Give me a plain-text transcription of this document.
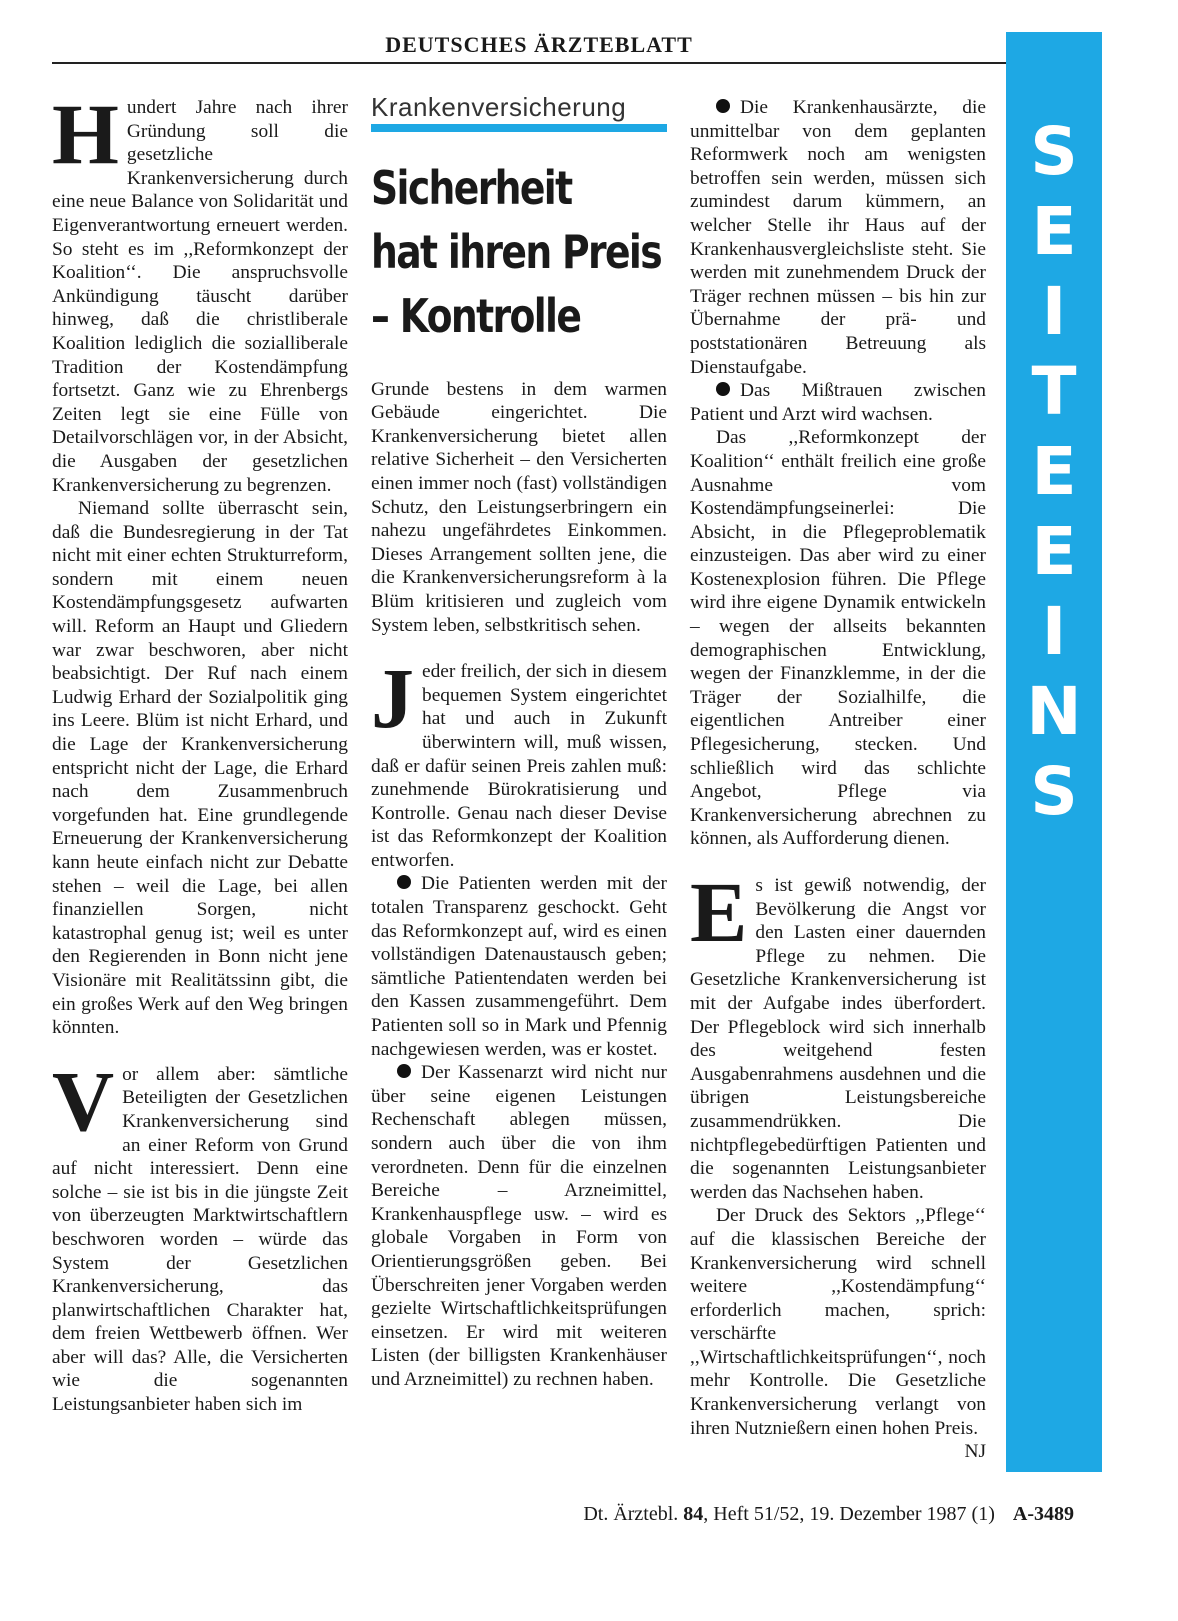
DEUTSCHES ÄRZTEBLATT

Hundert Jahre nach ihrer Gründung soll die gesetzliche Krankenversicherung durch eine neue Balance von Solidarität und Eigenverantwortung erneuert werden. So steht es im ,,Reformkonzept der Koalition‘‘. Die anspruchsvolle Ankündigung täuscht darüber hinweg, daß die christliberale Koalition lediglich die sozialliberale Tradition der Kostendämpfung fortsetzt. Ganz wie zu Ehrenbergs Zeiten legt sie eine Fülle von Detailvorschlägen vor, in der Absicht, die Ausgaben der gesetzlichen Krankenversicherung zu begrenzen.

Niemand sollte überrascht sein, daß die Bundesregierung in der Tat nicht mit einer echten Strukturreform, sondern mit einem neuen Kostendämpfungsgesetz aufwarten will. Reform an Haupt und Gliedern war zwar beschworen, aber nicht beabsichtigt. Der Ruf nach einem Ludwig Erhard der Sozialpolitik ging ins Leere. Blüm ist nicht Erhard, und die Lage der Krankenversicherung entspricht nicht der Lage, die Erhard nach dem Zusammenbruch vorgefunden hat. Eine grundlegende Erneuerung der Krankenversicherung kann heute einfach nicht zur Debatte stehen – weil die Lage, bei allen finanziellen Sorgen, nicht katastrophal genug ist; weil es unter den Regierenden in Bonn nicht jene Visionäre mit Realitätssinn gibt, die ein großes Werk auf den Weg bringen könnten.

Vor allem aber: sämtliche Beteiligten der Gesetzlichen Krankenversicherung sind an einer Reform von Grund auf nicht interessiert. Denn eine solche – sie ist bis in die jüngste Zeit von überzeugten Marktwirtschaftlern beschworen worden – würde das System der Gesetzlichen Krankenversicherung, das planwirtschaftlichen Charakter hat, dem freien Wettbewerb öffnen. Wer aber will das? Alle, die Versicherten wie die sogenannten Leistungsanbieter haben sich im

Krankenversicherung
Sicherheit
hat ihren Preis
– Kontrolle

Grunde bestens in dem warmen Gebäude eingerichtet. Die Krankenversicherung bietet allen relative Sicherheit – den Versicherten einen immer noch (fast) vollständigen Schutz, den Leistungserbringern ein nahezu ungefährdetes Einkommen. Dieses Arrangement sollten jene, die die Krankenversicherungsreform à la Blüm kritisieren und zugleich vom System leben, selbstkritisch sehen.

Jeder freilich, der sich in diesem bequemen System eingerichtet hat und auch in Zukunft überwintern will, muß wissen, daß er dafür seinen Preis zahlen muß: zunehmende Bürokratisierung und Kontrolle. Genau nach dieser Devise ist das Reformkonzept der Koalition entworfen.

Die Patienten werden mit der totalen Transparenz geschockt. Geht das Reformkonzept auf, wird es einen vollständigen Datenaustausch geben; sämtliche Patientendaten werden bei den Kassen zusammengeführt. Dem Patienten soll so in Mark und Pfennig nachgewiesen werden, was er kostet.

Der Kassenarzt wird nicht nur über seine eigenen Leistungen Rechenschaft ablegen müssen, sondern auch über die von ihm verordneten. Denn für die einzelnen Bereiche – Arzneimittel, Krankenhauspflege usw. – wird es globale Vorgaben in Form von Orientierungsgrößen geben. Bei Überschreiten jener Vorgaben werden gezielte Wirtschaftlichkeitsprüfungen einsetzen. Er wird mit weiteren Listen (der billigsten Krankenhäuser und Arzneimittel) zu rechnen haben.

Die Krankenhausärzte, die unmittelbar von dem geplanten Reformwerk noch am wenigsten betroffen sein werden, müssen sich zumindest darum kümmern, an welcher Stelle ihr Haus auf der Krankenhausvergleichsliste steht. Sie werden mit zunehmendem Druck der Träger rechnen müssen – bis hin zur Übernahme der prä- und poststationären Betreuung als Dienstaufgabe.

Das Mißtrauen zwischen Patient und Arzt wird wachsen.

Das ,,Reformkonzept der Koalition‘‘ enthält freilich eine große Ausnahme vom Kostendämpfungseinerlei: Die Absicht, in die Pflegeproblematik einzusteigen. Das aber wird zu einer Kostenexplosion führen. Die Pflege wird ihre eigene Dynamik entwickeln – wegen der allseits bekannten demographischen Entwicklung, wegen der Finanzklemme, in der die Träger der Sozialhilfe, die eigentlichen Antreiber einer Pflegesicherung, stecken. Und schließlich wird das schlichte Angebot, Pflege via Krankenversicherung abrechnen zu können, als Aufforderung dienen.

Es ist gewiß notwendig, der Bevölkerung die Angst vor den Lasten einer dauernden Pflege zu nehmen. Die Gesetzliche Krankenversicherung ist mit der Aufgabe indes überfordert. Der Pflegeblock wird sich innerhalb des weitgehend festen Ausgabenrahmens ausdehnen und die übrigen Leistungsbereiche zusammendrükken. Die nichtpflegebedürftigen Patienten und die sogenannten Leistungsanbieter werden das Nachsehen haben.

Der Druck des Sektors ,,Pflege‘‘ auf die klassischen Bereiche der Krankenversicherung wird schnell weitere ,,Kostendämpfung‘‘ erforderlich machen, sprich: verschärfte ,,Wirtschaftlichkeitsprüfungen‘‘, noch mehr Kontrolle. Die Gesetzliche Krankenversicherung verlangt von ihren Nutznießern einen hohen Preis.
NJ

S
E
I
T
E
E
I
N
S
Dt. Ärztebl. 84, Heft 51/52, 19. Dezember 1987 (1) A-3489
